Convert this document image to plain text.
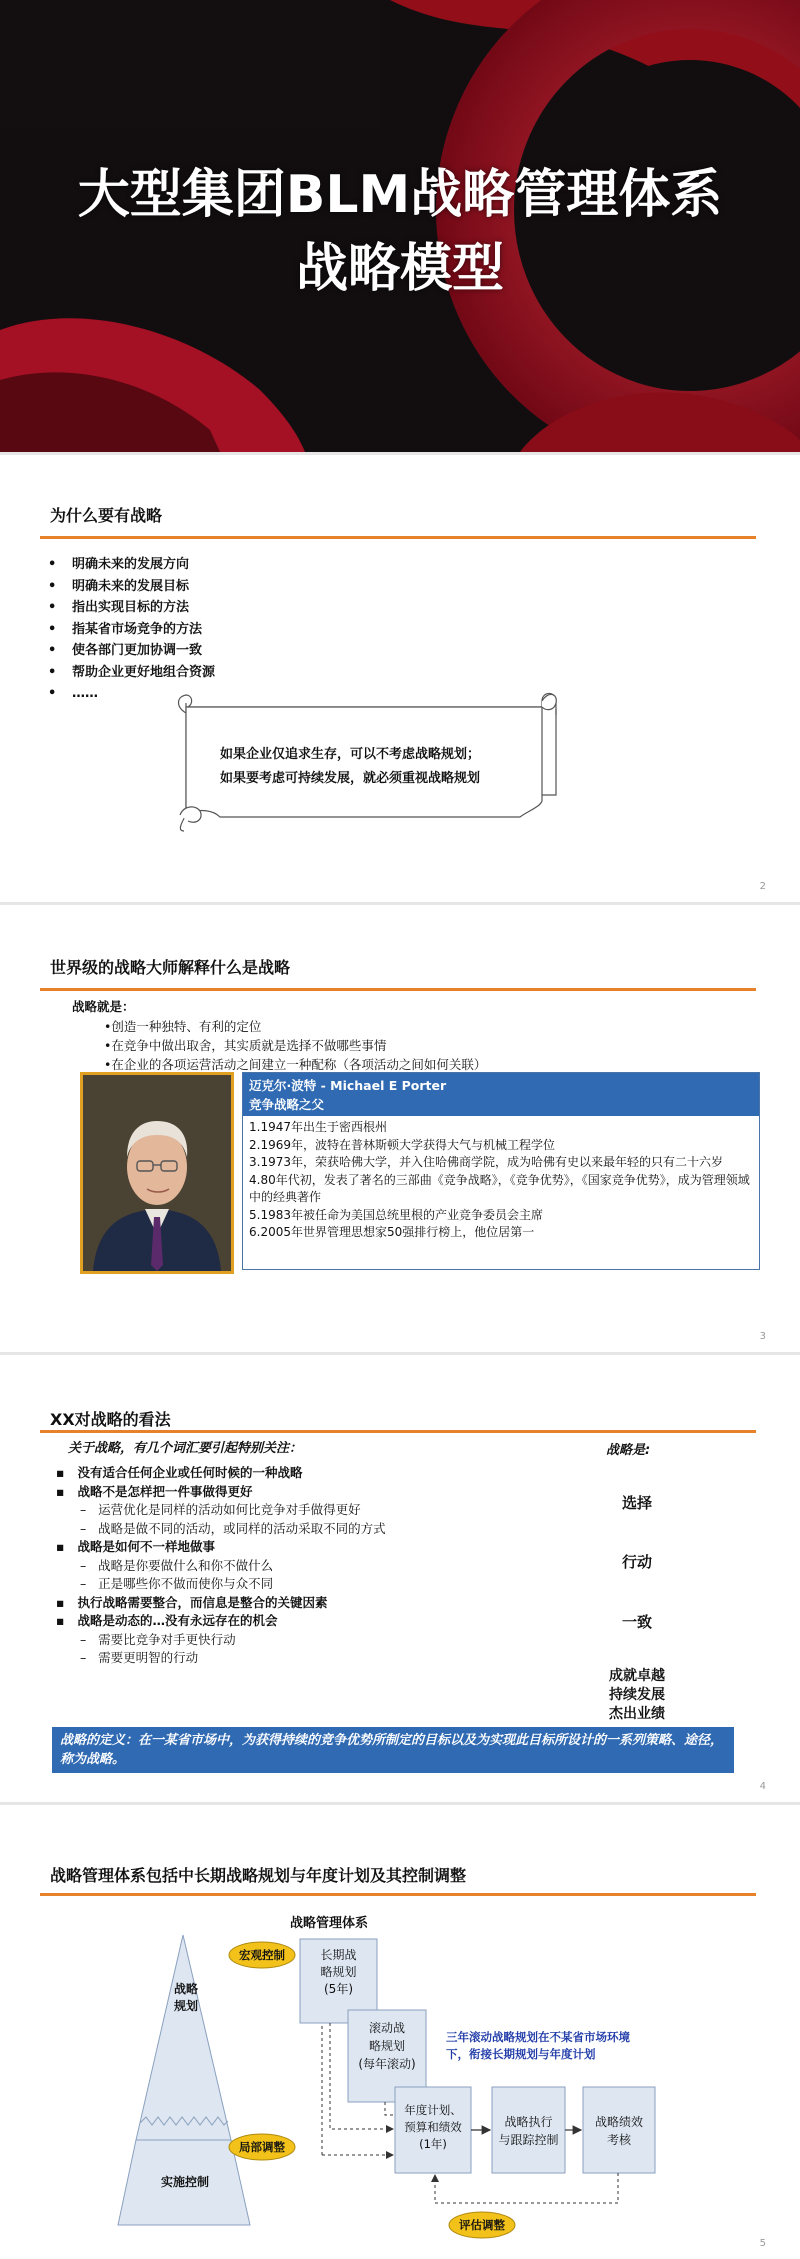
大型集团BLM战略管理体系
战略模型
为什么要有战略
• 明确未来的发展方向
• 明确未来的发展目标
• 指出实现目标的方法
• 指某省市场竞争的方法
• 使各部门更加协调一致
• 帮助企业更好地组合资源
• ……
如果企业仅追求生存，可以不考虑战略规划；
如果要考虑可持续发展，就必须重视战略规划
2
世界级的战略大师解释什么是战略
战略就是：
•创造一种独特、有利的定位
•在竞争中做出取舍，其实质就是选择不做哪些事情
•在企业的各项运营活动之间建立一种配称（各项活动之间如何关联）
迈克尔·波特 - Michael E Porter
竞争战略之父
1.1947年出生于密西根州
2.1969年，波特在普林斯顿大学获得大气与机械工程学位
3.1973年，荣获哈佛大学，并入住哈佛商学院，成为哈佛有史以来最年轻的只有二十六岁
4.80年代初，发表了著名的三部曲《竞争战略》，《竞争优势》，《国家竞争优势》，成为管理领域中的经典著作
5.1983年被任命为美国总统里根的产业竞争委员会主席
6.2005年世界管理思想家50强排行榜上，他位居第一
3
XX对战略的看法
关于战略，有几个词汇要引起特别关注：	战略是:
▪   没有适合任何企业或任何时候的一种战略
▪   战略不是怎样把一件事做得更好
–   运营优化是同样的活动如何比竞争对手做得更好
–   战略是做不同的活动，或同样的活动采取不同的方式
▪   战略是如何不一样地做事
–   战略是你要做什么和你不做什么
–   正是哪些你不做而使你与众不同
▪   执行战略需要整合，而信息是整合的关键因素
▪   战略是动态的…没有永远存在的机会
–   需要比竞争对手更快行动
–   需要更明智的行动
选择
行动
一致
成就卓越
持续发展
杰出业绩
战略的定义：在一某省市场中，为获得持续的竞争优势所制定的目标以及为实现此目标所设计的一系列策略、途径，称为战略。
4
战略管理体系包括中长期战略规划与年度计划及其控制调整
战略管理体系
战略
规划
实施控制
宏观控制
局部调整
评估调整
长期战
略规划
(5年)
滚动战
略规划
(每年滚动)
年度计划、
预算和绩效
(1年)
战略执行
与跟踪控制
战略绩效
考核
三年滚动战略规划在不某省市场环境下，衔接长期规划与年度计划
5
